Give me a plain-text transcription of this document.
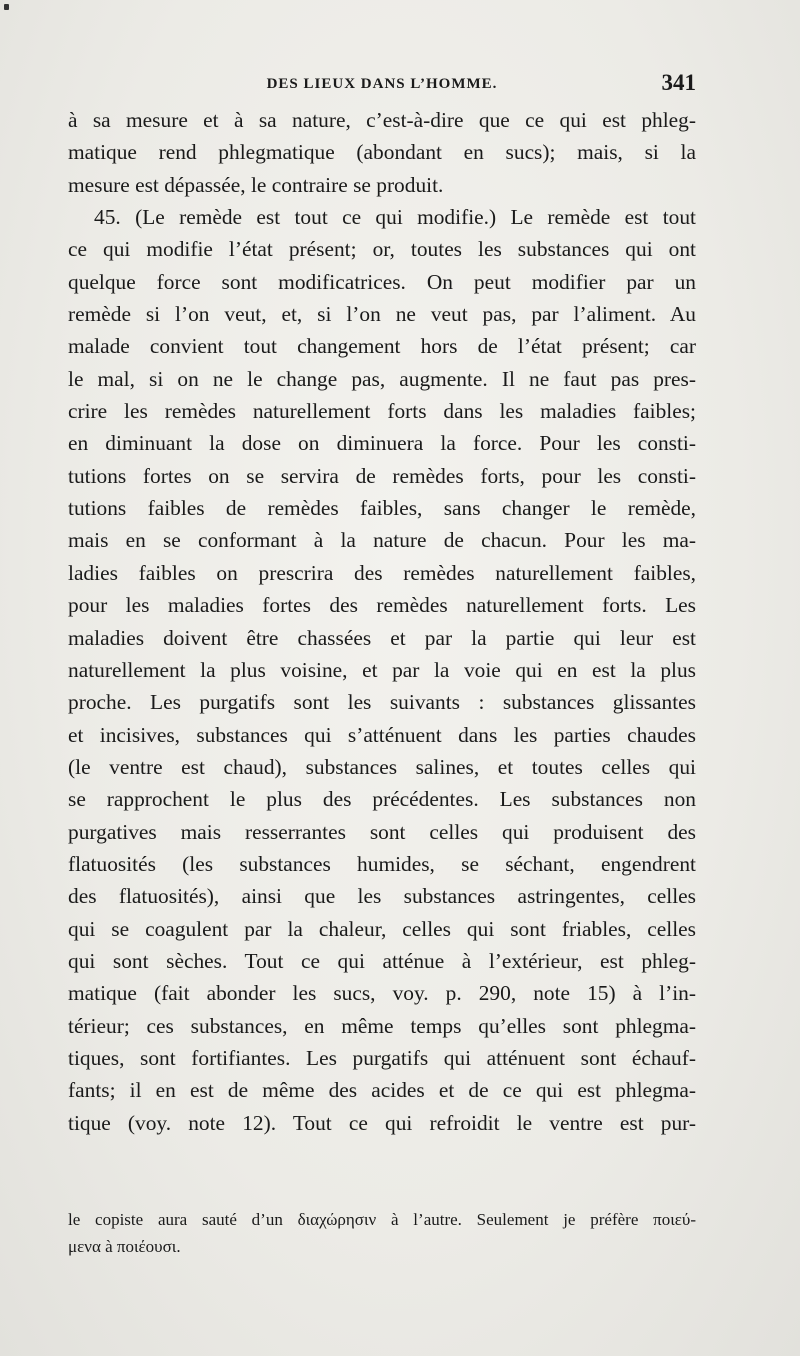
DES LIEUX DANS L’HOMME.	341
à sa mesure et à sa nature, c’est-à-dire que ce qui est phleg-
matique rend phlegmatique (abondant en sucs); mais, si la
mesure est dépassée, le contraire se produit.
45. (Le remède est tout ce qui modifie.) Le remède est tout
ce qui modifie l’état présent; or, toutes les substances qui ont
quelque force sont modificatrices. On peut modifier par un
remède si l’on veut, et, si l’on ne veut pas, par l’aliment. Au
malade convient tout changement hors de l’état présent; car
le mal, si on ne le change pas, augmente. Il ne faut pas pres-
crire les remèdes naturellement forts dans les maladies faibles;
en diminuant la dose on diminuera la force. Pour les consti-
tutions fortes on se servira de remèdes forts, pour les consti-
tutions faibles de remèdes faibles, sans changer le remède,
mais en se conformant à la nature de chacun. Pour les ma-
ladies faibles on prescrira des remèdes naturellement faibles,
pour les maladies fortes des remèdes naturellement forts. Les
maladies doivent être chassées et par la partie qui leur est
naturellement la plus voisine, et par la voie qui en est la plus
proche. Les purgatifs sont les suivants : substances glissantes
et incisives, substances qui s’atténuent dans les parties chaudes
(le ventre est chaud), substances salines, et toutes celles qui
se rapprochent le plus des précédentes. Les substances non
purgatives mais resserrantes sont celles qui produisent des
flatuosités (les substances humides, se séchant, engendrent
des flatuosités), ainsi que les substances astringentes, celles
qui se coagulent par la chaleur, celles qui sont friables, celles
qui sont sèches. Tout ce qui atténue à l’extérieur, est phleg-
matique (fait abonder les sucs, voy. p. 290, note 15) à l’in-
térieur; ces substances, en même temps qu’elles sont phlegma-
tiques, sont fortifiantes. Les purgatifs qui atténuent sont échauf-
fants; il en est de même des acides et de ce qui est phlegma-
tique (voy. note 12). Tout ce qui refroidit le ventre est pur-
le copiste aura sauté d’un διαχώρησιν à l’autre. Seulement je préfère ποιεύ-
μενα à ποιέουσι.
